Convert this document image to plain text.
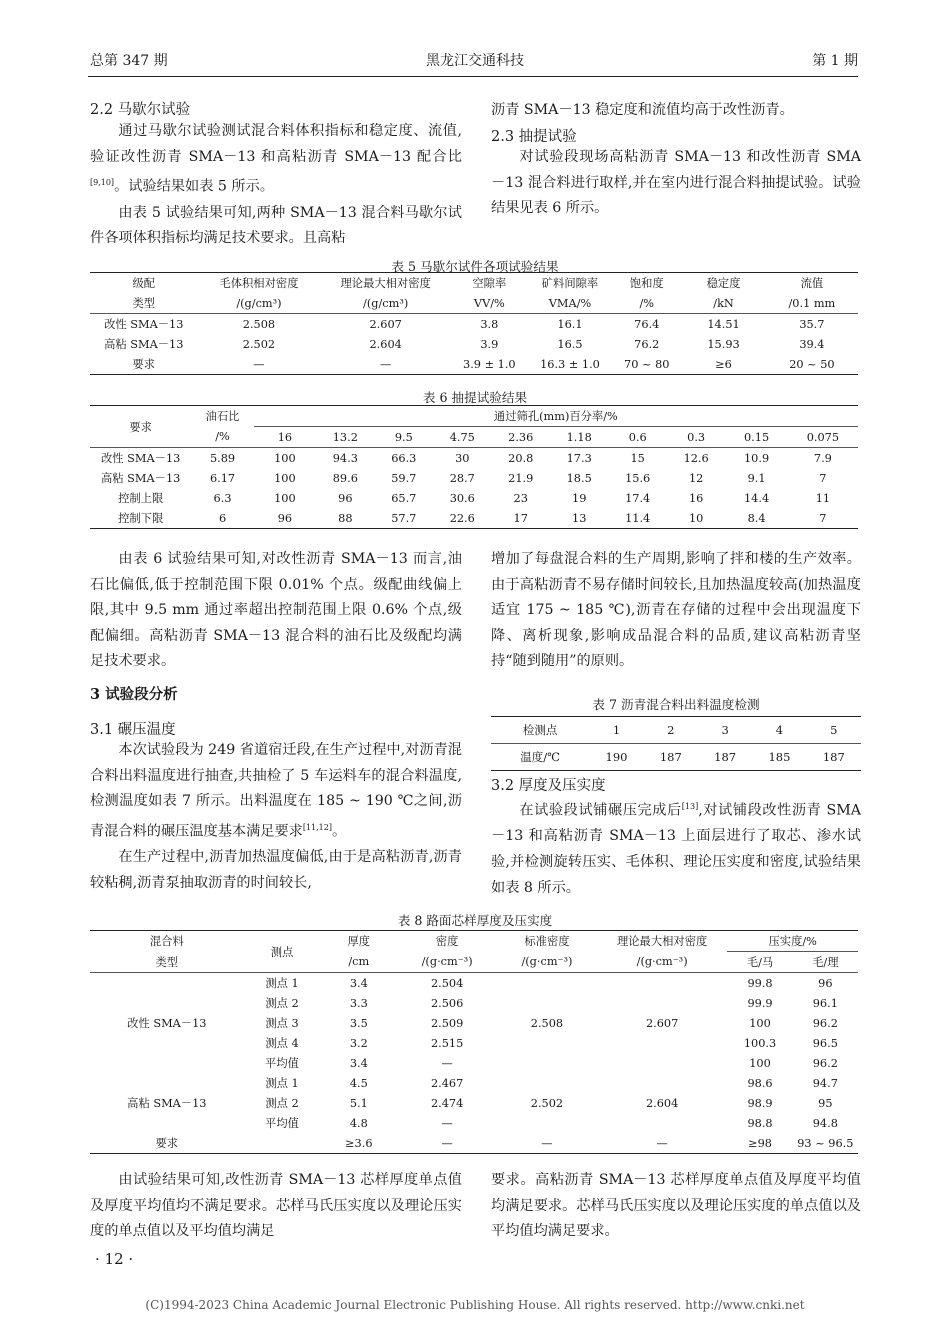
总第 347 期	黑龙江交通科技	第 1 期
2.2 马歇尔试验

通过马歇尔试验测试混合料体积指标和稳定度、流值,验证改性沥青 SMA－13 和高粘沥青 SMA－13 配合比[9,10]。试验结果如表 5 所示。

由表 5 试验结果可知,两种 SMA－13 混合料马歇尔试件各项体积指标均满足技术要求。且高粘

沥青 SMA－13 稳定度和流值均高于改性沥青。

2.3 抽提试验

对试验段现场高粘沥青 SMA－13 和改性沥青 SMA－13 混合料进行取样,并在室内进行混合料抽提试验。试验结果见表 6 所示。

表 5 马歇尔试件各项试验结果
级配	毛体积相对密度	理论最大相对密度	空隙率	矿料间隙率	饱和度	稳定度	流值
类型	/(g/cm³)	/(g/cm³)	VV/%	VMA/%	/%	/kN	/0.1 mm
改性 SMA－13	2.508	2.607	3.8	16.1	76.4	14.51	35.7
高粘 SMA－13	2.502	2.604	3.9	16.5	76.2	15.93	39.4
要求	—	—	3.9 ± 1.0	16.3 ± 1.0	70 ~ 80	≥6	20 ~ 50
表 6 抽提试验结果
要求	油石比	通过筛孔(mm)百分率/%									
	/%	16	13.2	9.5	4.75	2.36	1.18	0.6	0.3	0.15	0.075
改性 SMA－13	5.89	100	94.3	66.3	30	20.8	17.3	15	12.6	10.9	7.9
高粘 SMA－13	6.17	100	89.6	59.7	28.7	21.9	18.5	15.6	12	9.1	7
控制上限	6.3	100	96	65.7	30.6	23	19	17.4	16	14.4	11
控制下限	6	96	88	57.7	22.6	17	13	11.4	10	8.4	7

由表 6 试验结果可知,对改性沥青 SMA－13 而言,油石比偏低,低于控制范围下限 0.01% 个点。级配曲线偏上限,其中 9.5 mm 通过率超出控制范围上限 0.6% 个点,级配偏细。高粘沥青 SMA－13 混合料的油石比及级配均满足技术要求。

3 试验段分析
3.1 碾压温度

本次试验段为 249 省道宿迁段,在生产过程中,对沥青混合料出料温度进行抽查,共抽检了 5 车运料车的混合料温度,检测温度如表 7 所示。出料温度在 185 ~ 190 ℃之间,沥青混合料的碾压温度基本满足要求[11,12]。

在生产过程中,沥青加热温度偏低,由于是高粘沥青,沥青较粘稠,沥青泵抽取沥青的时间较长,

增加了每盘混合料的生产周期,影响了拌和楼的生产效率。由于高粘沥青不易存储时间较长,且加热温度较高(加热温度适宜 175 ~ 185 ℃),沥青在存储的过程中会出现温度下降、离析现象,影响成品混合料的品质,建议高粘沥青坚持“随到随用”的原则。

表 7 沥青混合料出料温度检测
检测点	1	2	3	4	5
温度/℃	190	187	187	185	187
3.2 厚度及压实度

在试验段试铺碾压完成后[13],对试铺段改性沥青 SMA－13 和高粘沥青 SMA－13 上面层进行了取芯、渗水试验,并检测旋转压实、毛体积、理论压实度和密度,试验结果如表 8 所示。

表 8 路面芯样厚度及压实度
混合料	测点	厚度	密度	标准密度	理论最大相对密度	压实度/%	
类型		/cm	/(g·cm⁻³)	/(g·cm⁻³)	/(g·cm⁻³)	毛/马	毛/理
改性 SMA－13	测点 1	3.4	2.504	2.508	2.607	99.8	96
	测点 2	3.3	2.506			99.9	96.1
	测点 3	3.5	2.509			100	96.2
	测点 4	3.2	2.515			100.3	96.5
	平均值	3.4	—			100	96.2
高粘 SMA－13	测点 1	4.5	2.467	2.502	2.604	98.6	94.7
	测点 2	5.1	2.474			98.9	95
	平均值	4.8	—			98.8	94.8
要求		≥3.6	—	—	—	≥98	93 ~ 96.5

由试验结果可知,改性沥青 SMA－13 芯样厚度单点值及厚度平均值均不满足要求。芯样马氏压实度以及理论压实度的单点值以及平均值均满足

要求。高粘沥青 SMA－13 芯样厚度单点值及厚度平均值均满足要求。芯样马氏压实度以及理论压实度的单点值以及平均值均满足要求。

· 12 ·
(C)1994-2023 China Academic Journal Electronic Publishing House. All rights reserved. http://www.cnki.net
